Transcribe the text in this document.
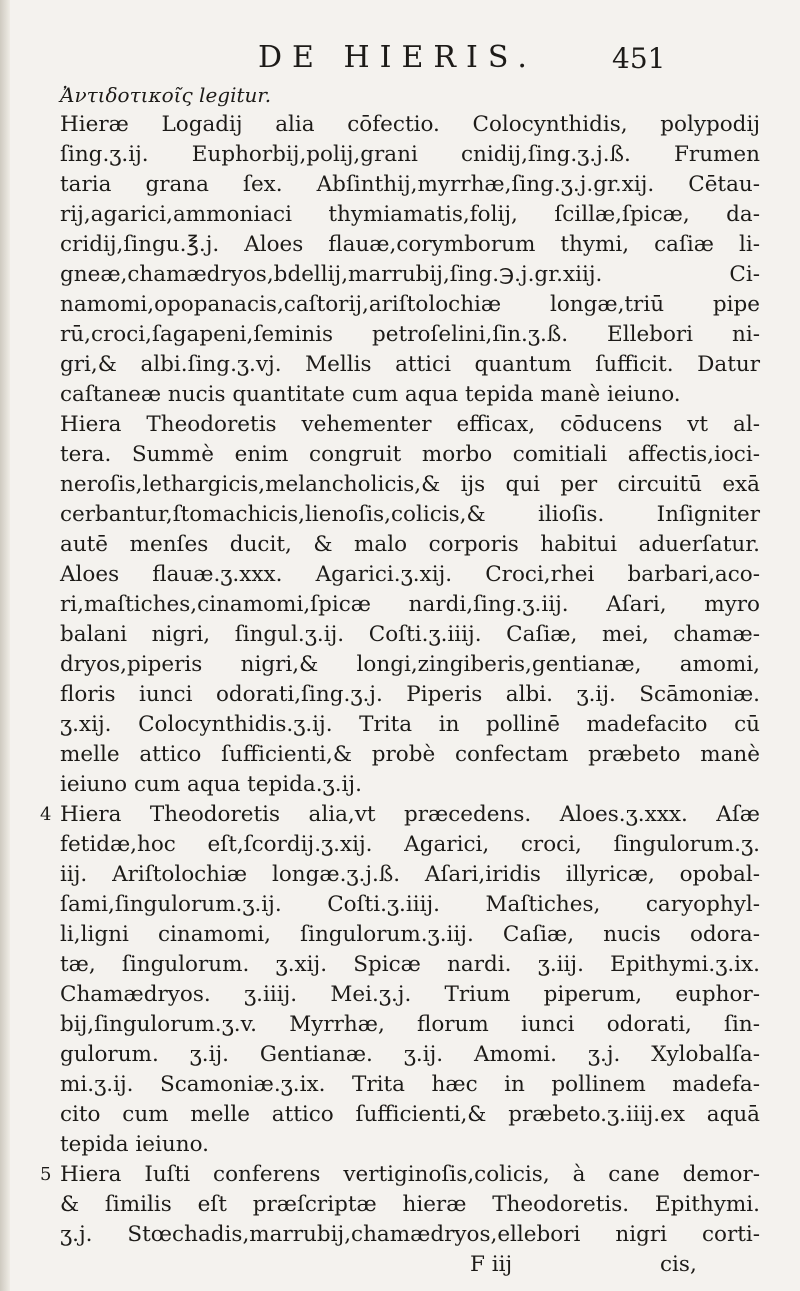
DE HIERIS.	451
Ἀντιδοτικοῖς legitur.
Hieræ Logadij alia cōfectio. Colocynthidis, polypodij
ſing.ʒ.ij. Euphorbij,polij,grani cnidij,ſing.ʒ.j.ß. Frumen
taria grana ſex. Abſinthij,myrrhæ,ſing.ʒ.j.gr.xij. Cētau-
rij,agarici,ammoniaci thymiamatis,folij, ſcillæ,ſpicæ, da-
cridij,ſingu.℥.j. Aloes flauæ,corymborum thymi, caſiæ li-
gneæ,chamædryos,bdellij,marrubij,ſing.℈.j.gr.xiij. Ci-
namomi,opopanacis,caſtorij,ariſtolochiæ longæ,triū pipe
rū,croci,ſagapeni,ſeminis petroſelini,ſin.ʒ.ß. Ellebori ni-
gri,& albi.ſing.ʒ.vj. Mellis attici quantum ſufficit. Datur
caſtaneæ nucis quantitate cum aqua tepida manè ieiuno.
Hiera Theodoretis vehementer efficax, cōducens vt al-
tera. Summè enim congruit morbo comitiali affectis,ioci-
neroſis,lethargicis,melancholicis,& ijs qui per circuitū exā
cerbantur,ſtomachicis,lienoſis,colicis,& ilioſis. Inſigniter
autē menſes ducit, & malo corporis habitui aduerſatur.
Aloes flauæ.ʒ.xxx. Agarici.ʒ.xij. Croci,rhei barbari,aco-
ri,maſtiches,cinamomi,ſpicæ nardi,ſing.ʒ.iij. Aſari, myro
balani nigri, ſingul.ʒ.ij. Coſti.ʒ.iiij. Caſiæ, mei, chamæ-
dryos,piperis nigri,& longi,zingiberis,gentianæ, amomi,
floris iunci odorati,ſing.ʒ.j. Piperis albi. ʒ.ij. Scāmoniæ.
ʒ.xij. Colocynthidis.ʒ.ij. Trita in pollinē madefacito cū
melle attico ſufficienti,& probè confectam præbeto manè
ieiuno cum aqua tepida.ʒ.ij.
4 Hiera Theodoretis alia,vt præcedens. Aloes.ʒ.xxx. Aſæ
fetidæ,hoc eſt,ſcordij.ʒ.xij. Agarici, croci, ſingulorum.ʒ.
iij. Ariſtolochiæ longæ.ʒ.j.ß. Aſari,iridis illyricæ, opobal-
ſami,ſingulorum.ʒ.ij. Coſti.ʒ.iiij. Maſtiches, caryophyl-
li,ligni cinamomi, ſingulorum.ʒ.iij. Caſiæ, nucis odora-
tæ, ſingulorum. ʒ.xij. Spicæ nardi. ʒ.iij. Epithymi.ʒ.ix.
Chamædryos. ʒ.iiij. Mei.ʒ.j. Trium piperum, euphor-
bij,ſingulorum.ʒ.v. Myrrhæ, florum iunci odorati, ſin-
gulorum. ʒ.ij. Gentianæ. ʒ.ij. Amomi. ʒ.j. Xylobalſa-
mi.ʒ.ij. Scamoniæ.ʒ.ix. Trita hæc in pollinem madefa-
cito cum melle attico ſufficienti,& præbeto.ʒ.iiij.ex aquā
tepida ieiuno.
5 Hiera Iuſti conferens vertiginoſis,colicis, à cane demor-
& ſimilis eſt præſcriptæ hieræ Theodoretis. Epithymi.
ʒ.j. Stœchadis,marrubij,chamædryos,ellebori nigri corti-
F iij	cis,
